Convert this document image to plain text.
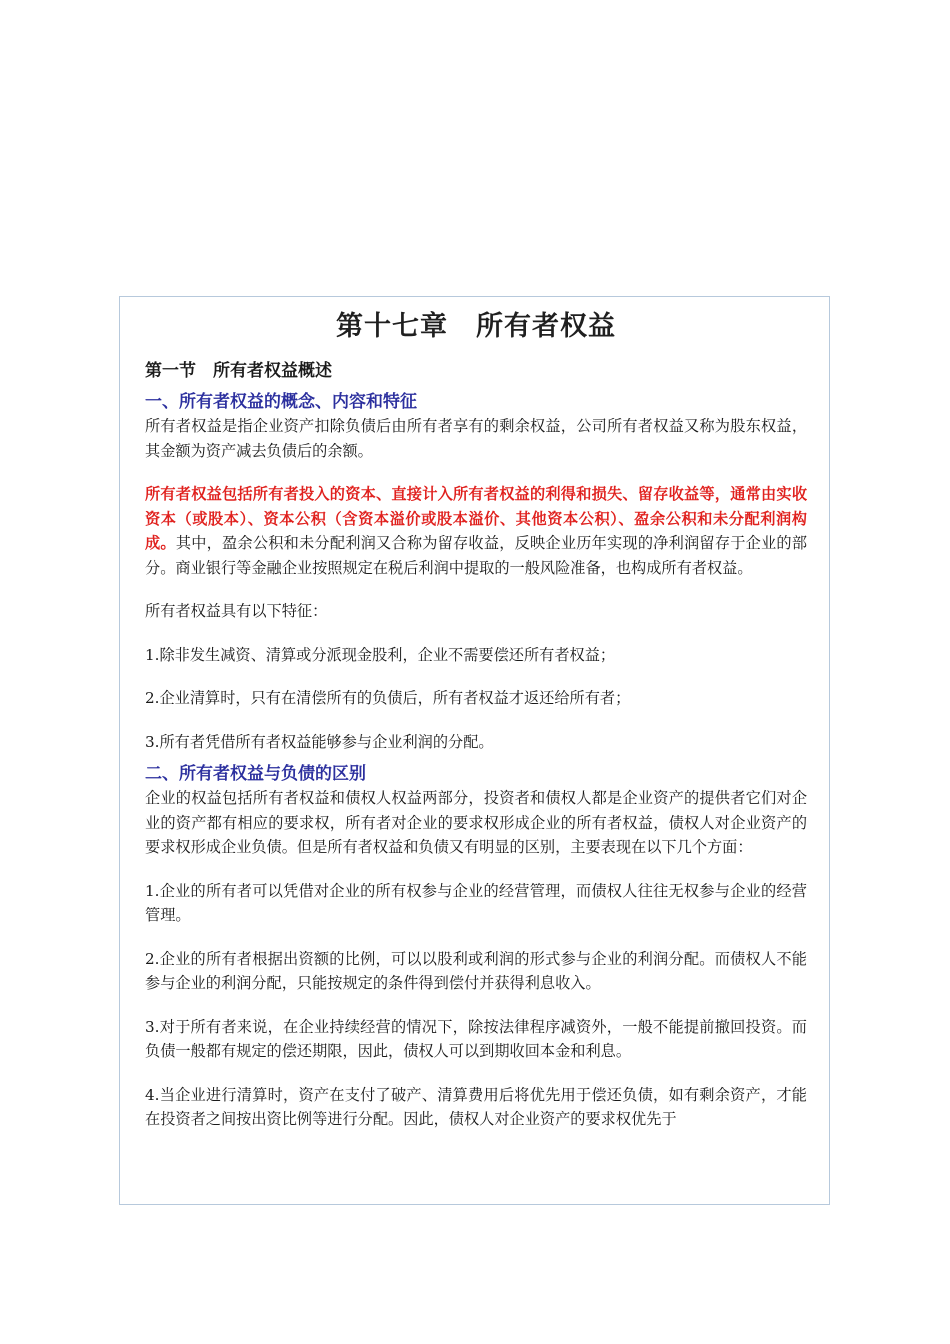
第十七章　所有者权益
第一节　所有者权益概述
一、所有者权益的概念、内容和特征

所有者权益是指企业资产扣除负债后由所有者享有的剩余权益，公司所有者权益又称为股东权益，其金额为资产减去负债后的余额。

所有者权益包括所有者投入的资本、直接计入所有者权益的利得和损失、留存收益等，通常由实收资本（或股本）、资本公积（含资本溢价或股本溢价、其他资本公积）、盈余公积和未分配利润构成。其中，盈余公积和未分配利润又合称为留存收益，反映企业历年实现的净利润留存于企业的部分。商业银行等金融企业按照规定在税后利润中提取的一般风险准备，也构成所有者权益。

所有者权益具有以下特征：

1.除非发生减资、清算或分派现金股利，企业不需要偿还所有者权益；

2.企业清算时，只有在清偿所有的负债后，所有者权益才返还给所有者；

3.所有者凭借所有者权益能够参与企业利润的分配。

二、所有者权益与负债的区别

企业的权益包括所有者权益和债权人权益两部分，投资者和债权人都是企业资产的提供者它们对企业的资产都有相应的要求权，所有者对企业的要求权形成企业的所有者权益，债权人对企业资产的要求权形成企业负债。但是所有者权益和负债又有明显的区别，主要表现在以下几个方面：

1.企业的所有者可以凭借对企业的所有权参与企业的经营管理，而债权人往往无权参与企业的经营管理。

2.企业的所有者根据出资额的比例，可以以股利或利润的形式参与企业的利润分配。而债权人不能参与企业的利润分配，只能按规定的条件得到偿付并获得利息收入。

3.对于所有者来说，在企业持续经营的情况下，除按法律程序减资外，一般不能提前撤回投资。而负债一般都有规定的偿还期限，因此，债权人可以到期收回本金和利息。

4.当企业进行清算时，资产在支付了破产、清算费用后将优先用于偿还负债，如有剩余资产，才能在投资者之间按出资比例等进行分配。因此，债权人对企业资产的要求权优先于
